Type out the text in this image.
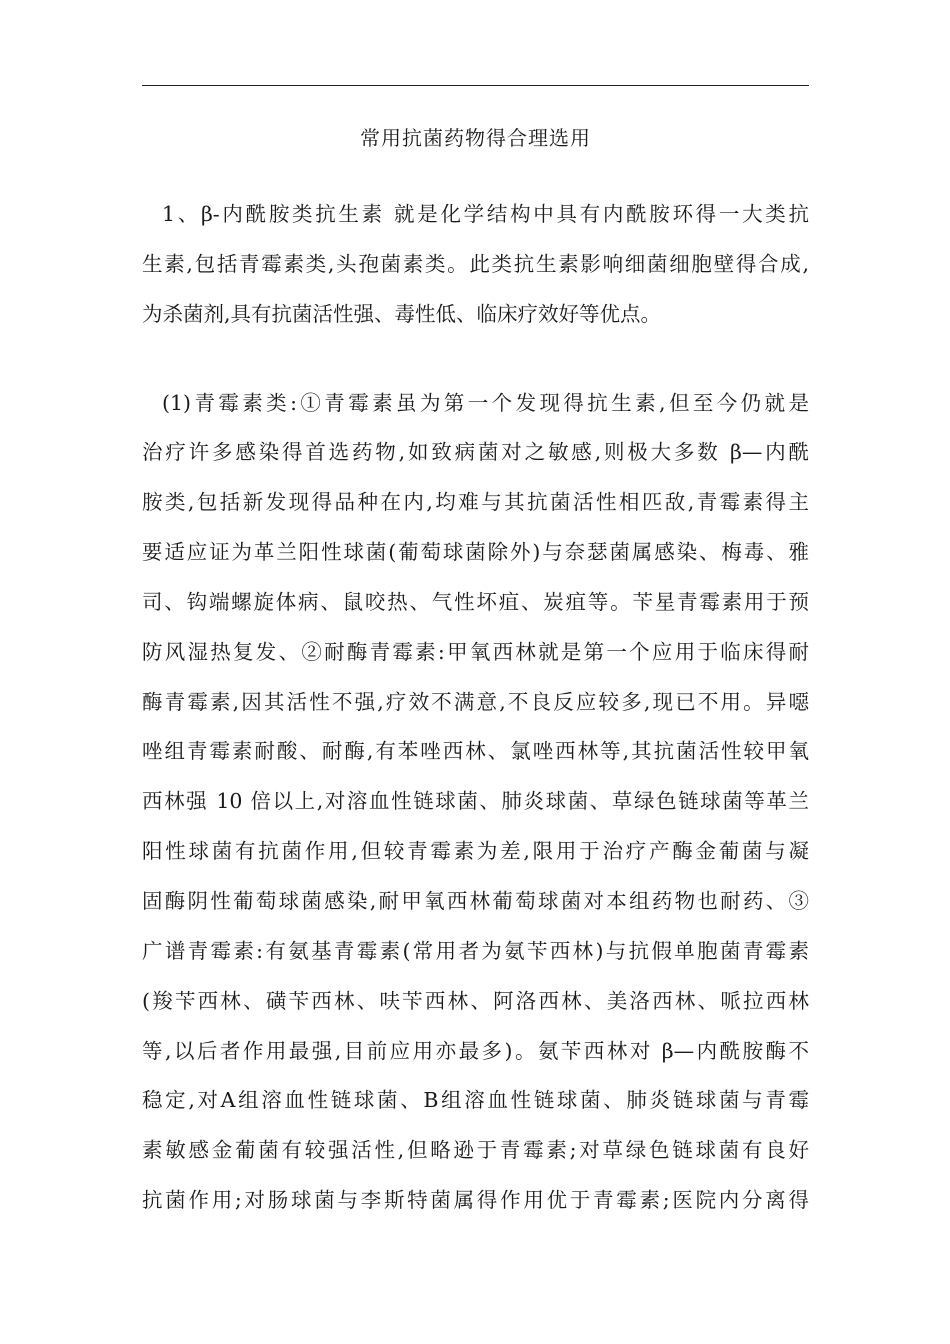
常用抗菌药物得合理选用

1、β-内酰胺类抗生素 就是化学结构中具有内酰胺环得一大类抗

生素,包括青霉素类,头孢菌素类。此类抗生素影响细菌细胞壁得合成,

为杀菌剂,具有抗菌活性强、毒性低、临床疗效好等优点。

(1)青霉素类:①青霉素虽为第一个发现得抗生素,但至今仍就是

治疗许多感染得首选药物,如致病菌对之敏感,则极大多数 β—内酰

胺类,包括新发现得品种在内,均难与其抗菌活性相匹敌,青霉素得主

要适应证为革兰阳性球菌(葡萄球菌除外)与奈瑟菌属感染、梅毒、雅

司、钩端螺旋体病、鼠咬热、气性坏疽、炭疽等。苄星青霉素用于预

防风湿热复发、②耐酶青霉素:甲氧西林就是第一个应用于临床得耐

酶青霉素,因其活性不强,疗效不满意,不良反应较多,现已不用。异噁

唑组青霉素耐酸、耐酶,有苯唑西林、氯唑西林等,其抗菌活性较甲氧

西林强 10 倍以上,对溶血性链球菌、肺炎球菌、草绿色链球菌等革兰

阳性球菌有抗菌作用,但较青霉素为差,限用于治疗产酶金葡菌与凝

固酶阴性葡萄球菌感染,耐甲氧西林葡萄球菌对本组药物也耐药、③

广谱青霉素:有氨基青霉素(常用者为氨苄西林)与抗假单胞菌青霉素

(羧苄西林、磺苄西林、呋苄西林、阿洛西林、美洛西林、哌拉西林

等,以后者作用最强,目前应用亦最多)。氨苄西林对 β—内酰胺酶不

稳定,对A组溶血性链球菌、B组溶血性链球菌、肺炎链球菌与青霉

素敏感金葡菌有较强活性,但略逊于青霉素;对草绿色链球菌有良好

抗菌作用;对肠球菌与李斯特菌属得作用优于青霉素;医院内分离得
